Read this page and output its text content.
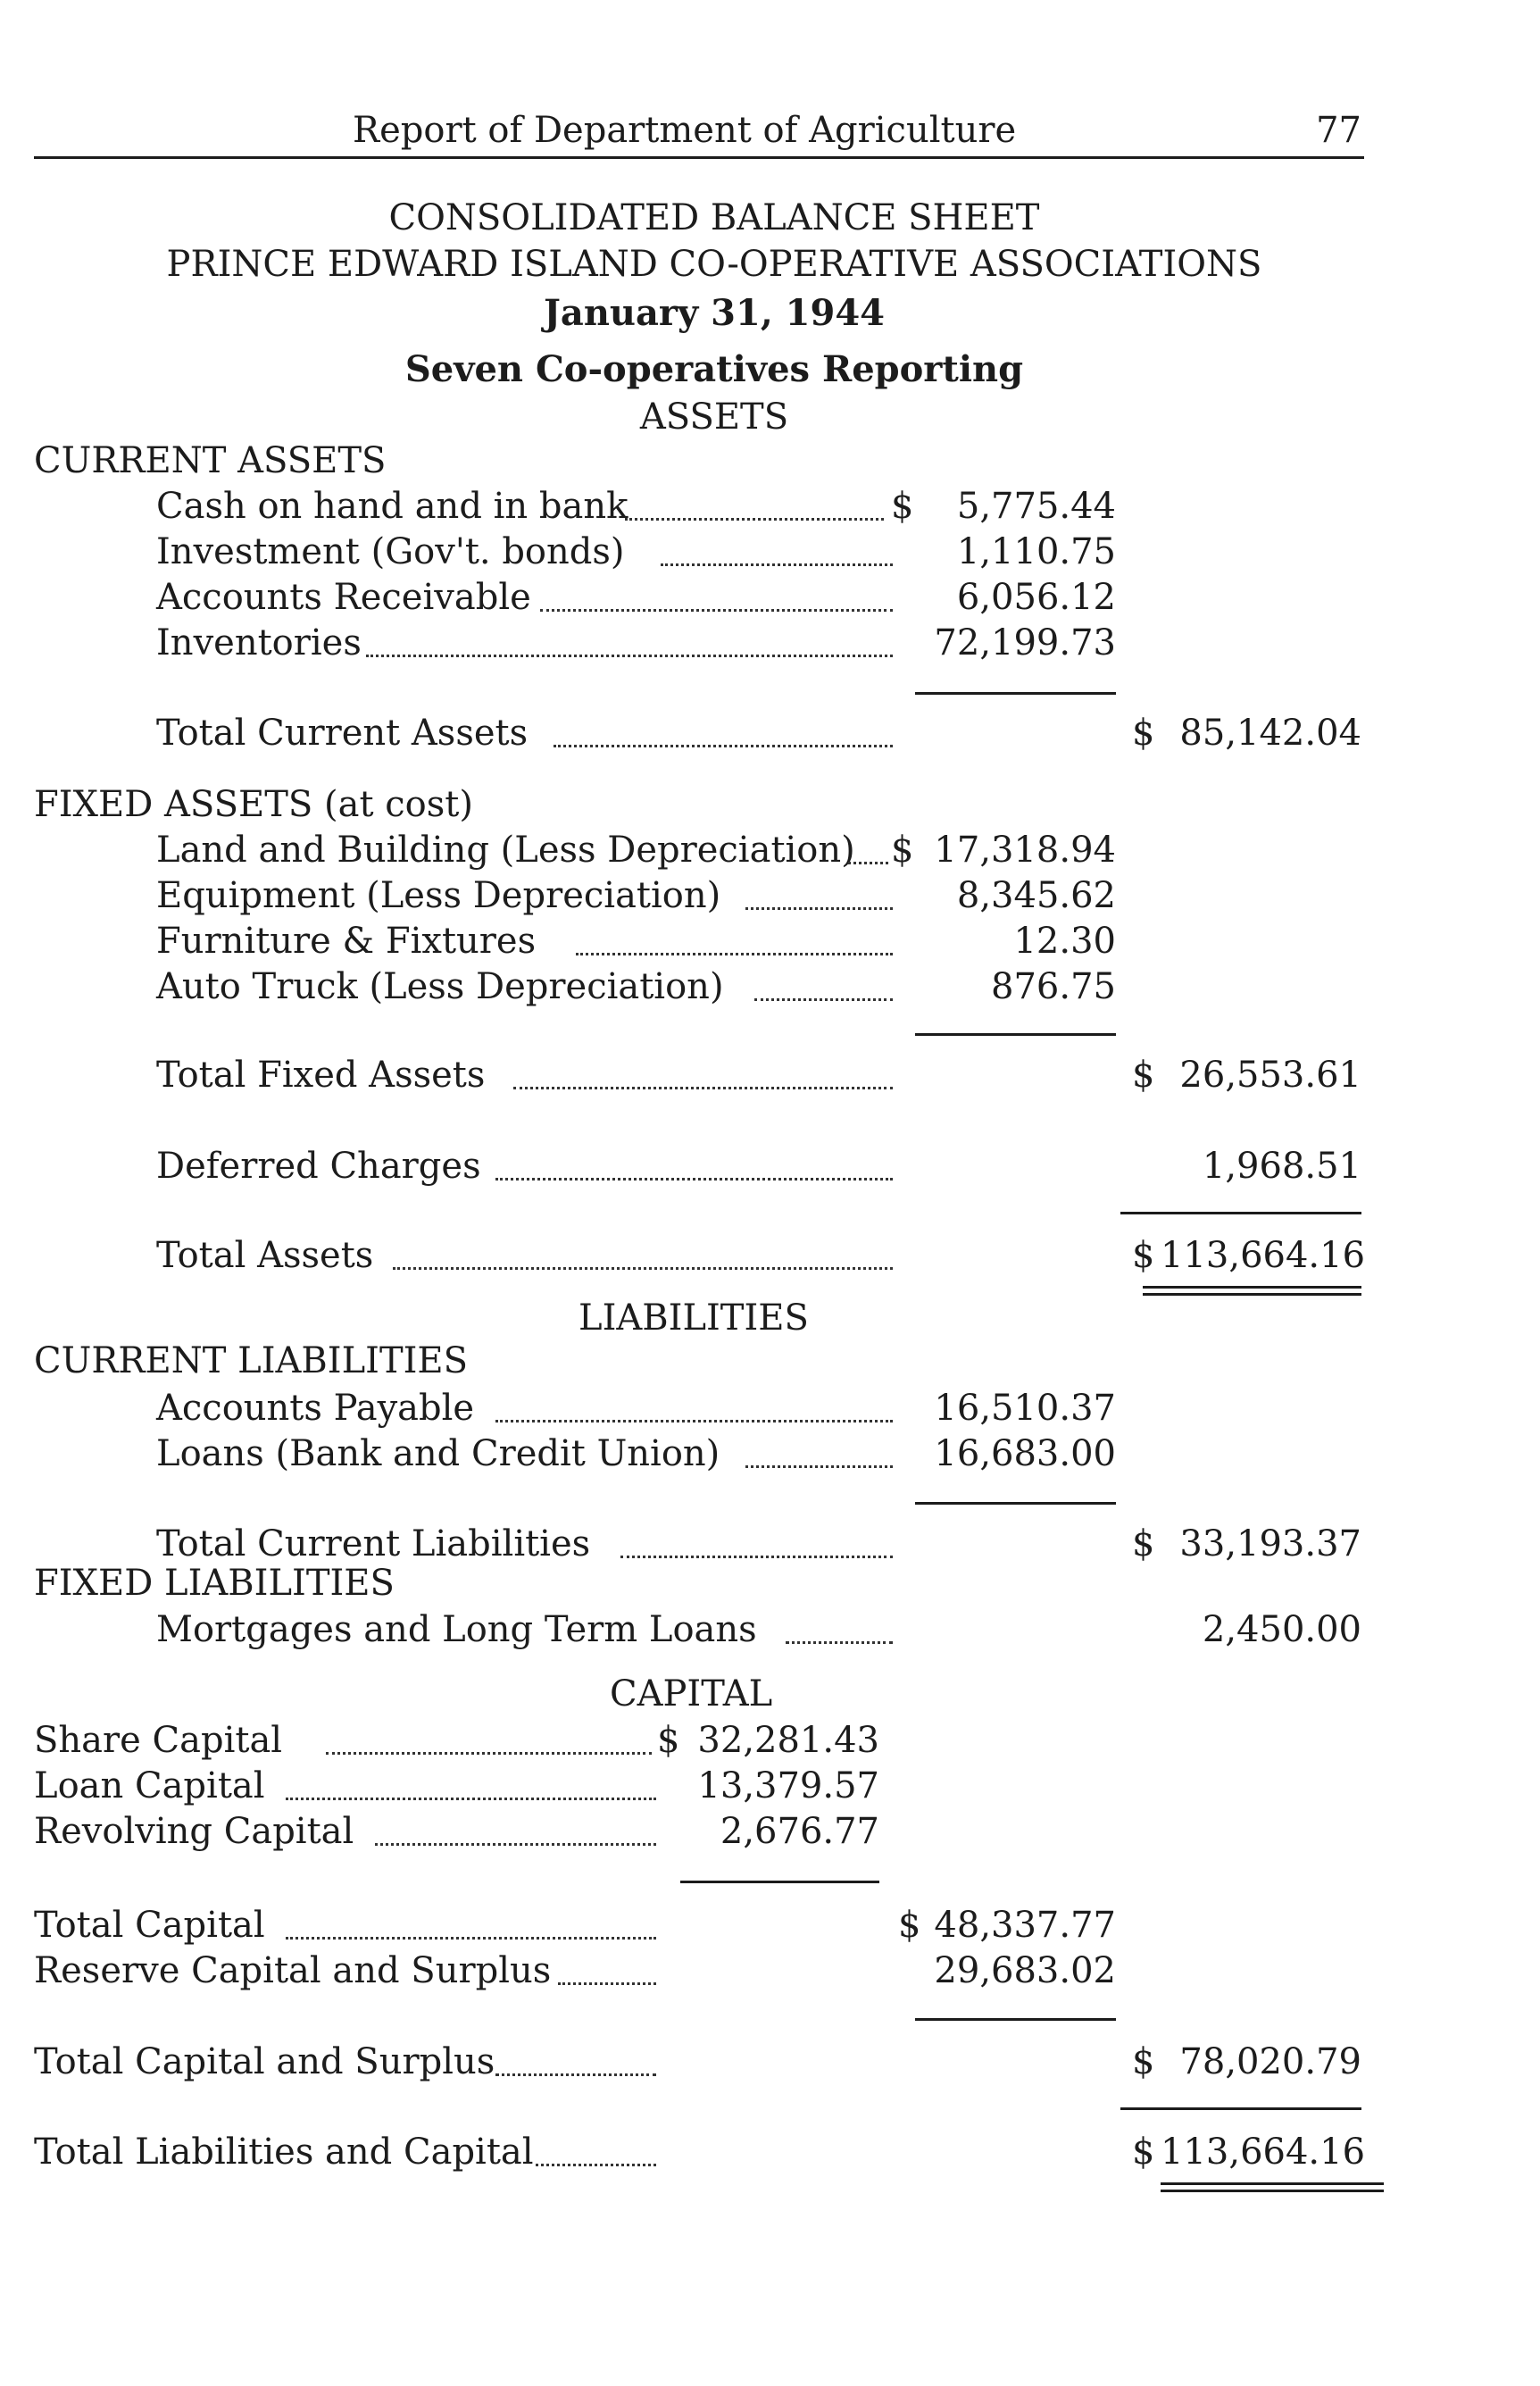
Report of Department of Agriculture	77
CONSOLIDATED BALANCE SHEET
PRINCE EDWARD ISLAND CO-OPERATIVE ASSOCIATIONS
January 31, 1944
Seven Co-operatives Reporting
ASSETS
CURRENT ASSETS
Cash on hand and in bank	$	5,775.44
Investment (Gov't. bonds)	1,110.75
Accounts Receivable	6,056.12
Inventories	72,199.73
Total Current Assets	$ 85,142.04
FIXED ASSETS (at cost)
Land and Building (Less Depreciation) $ 17,318.94
Equipment (Less Depreciation)	8,345.62
Furniture & Fixtures	12.30
Auto Truck (Less Depreciation)	876.75
Total Fixed Assets	$ 26,553.61
Deferred Charges	1,968.51
Total Assets	$ 113,664.16
LIABILITIES
CURRENT LIABILITIES
Accounts Payable	16,510.37
Loans (Bank and Credit Union)	16,683.00
Total Current Liabilities	$ 33,193.37
FIXED LIABILITIES
Mortgages and Long Term Loans	2,450.00
CAPITAL
Share Capital	$ 32,281.43
Loan Capital	13,379.57
Revolving Capital	2,676.77
Total Capital	$ 48,337.77
Reserve Capital and Surplus	29,683.02
Total Capital and Surplus	$ 78,020.79
Total Liabilities and Capital	$ 113,664.16
